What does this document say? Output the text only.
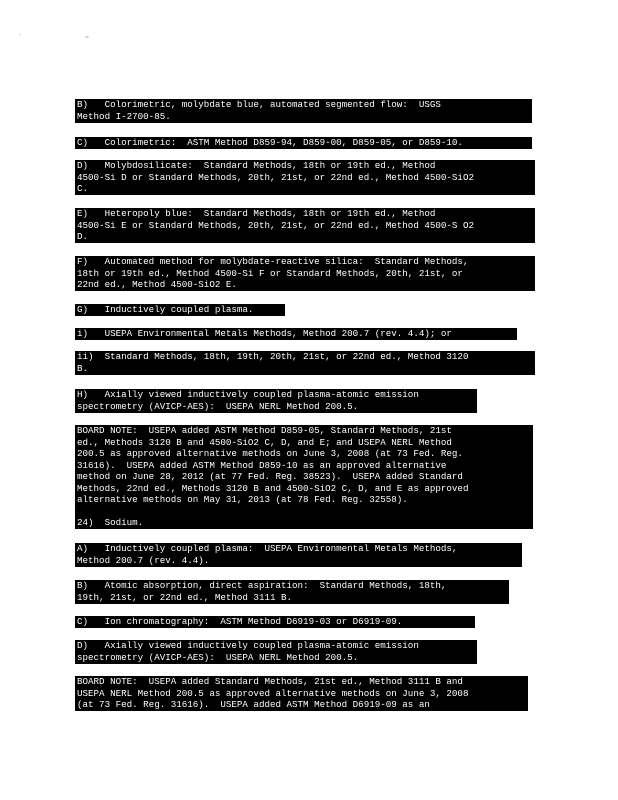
` ~
B)   Colorimetric, molybdate blue, automated segmented flow:  USGS
Method I-2700-85.
C)   Colorimetric:  ASTM Method D859-94, D859-00, D859-05, or D859-10.
D)   Molybdosilicate:  Standard Methods, 18th or 19th ed., Method
4500-Si D or Standard Methods, 20th, 21st, or 22nd ed., Method 4500-SiO2
C.
E)   Heteropoly blue:  Standard Methods, 18th or 19th ed., Method
4500-Si E or Standard Methods, 20th, 21st, or 22nd ed., Method 4500-S O2
D.
F)   Automated method for molybdate-reactive silica:  Standard Methods,
18th or 19th ed., Method 4500-Si F or Standard Methods, 20th, 21st, or
22nd ed., Method 4500-SiO2 E.
G)   Inductively coupled plasma.
i)   USEPA Environmental Metals Methods, Method 200.7 (rev. 4.4); or
ii)  Standard Methods, 18th, 19th, 20th, 21st, or 22nd ed., Method 3120
B.
H)   Axially viewed inductively coupled plasma-atomic emission
spectrometry (AVICP-AES):  USEPA NERL Method 200.5.
BOARD NOTE:  USEPA added ASTM Method D859-05, Standard Methods, 21st
ed., Methods 3120 B and 4500-SiO2 C, D, and E; and USEPA NERL Method
200.5 as approved alternative methods on June 3, 2008 (at 73 Fed. Reg.
31616).  USEPA added ASTM Method D859-10 as an approved alternative
method on June 28, 2012 (at 77 Fed. Reg. 38523).  USEPA added Standard
Methods, 22nd ed., Methods 3120 B and 4500-SiO2 C, D, and E as approved
alternative methods on May 31, 2013 (at 78 Fed. Reg. 32558).

24)  Sodium.
A)   Inductively coupled plasma:  USEPA Environmental Metals Methods,
Method 200.7 (rev. 4.4).
B)   Atomic absorption, direct aspiration:  Standard Methods, 18th,
19th, 21st, or 22nd ed., Method 3111 B.
C)   Ion chromatography:  ASTM Method D6919-03 or D6919-09.
D)   Axially viewed inductively coupled plasma-atomic emission
spectrometry (AVICP-AES):  USEPA NERL Method 200.5.
BOARD NOTE:  USEPA added Standard Methods, 21st ed., Method 3111 B and
USEPA NERL Method 200.5 as approved alternative methods on June 3, 2008
(at 73 Fed. Reg. 31616).  USEPA added ASTM Method D6919-09 as an
